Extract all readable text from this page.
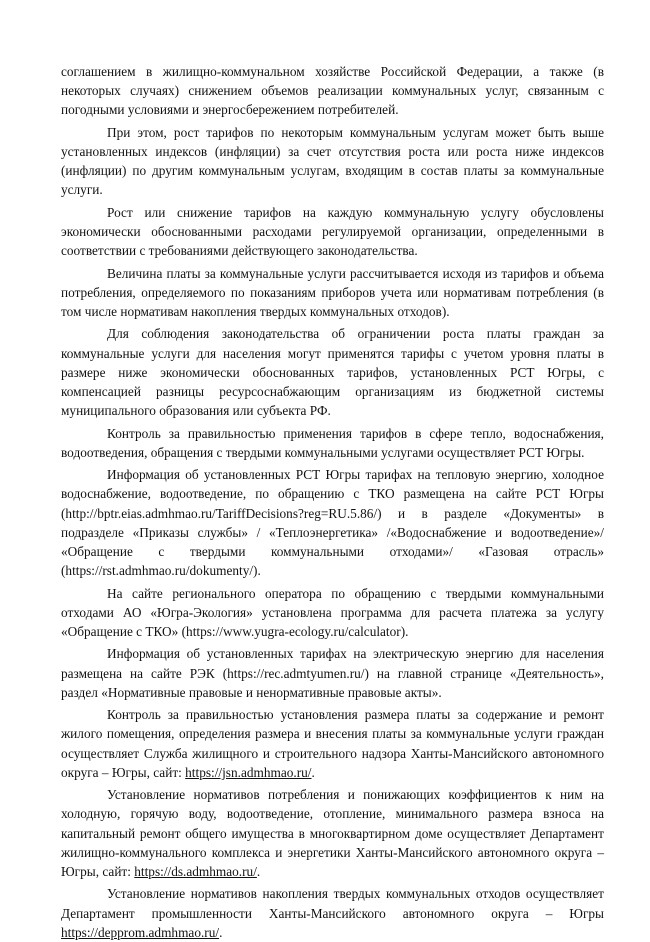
соглашением в жилищно-коммунальном хозяйстве Российской Федерации, а также (в некоторых случаях) снижением объемов реализации коммунальных услуг, связанным с погодными условиями и энергосбережением потребителей.

При этом, рост тарифов по некоторым коммунальным услугам может быть выше установленных индексов (инфляции) за счет отсутствия роста или роста ниже индексов (инфляции) по другим коммунальным услугам, входящим в состав платы за коммунальные услуги.

Рост или снижение тарифов на каждую коммунальную услугу обусловлены экономически обоснованными расходами регулируемой организации, определенными в соответствии с требованиями действующего законодательства.

Величина платы за коммунальные услуги рассчитывается исходя из тарифов и объема потребления, определяемого по показаниям приборов учета или нормативам потребления (в том числе нормативам накопления твердых коммунальных отходов).

Для соблюдения законодательства об ограничении роста платы граждан за коммунальные услуги для населения могут применятся тарифы с учетом уровня платы в размере ниже экономически обоснованных тарифов, установленных РСТ Югры, с компенсацией разницы ресурсоснабжающим организациям из бюджетной системы муниципального образования или субъекта РФ.

Контроль за правильностью применения тарифов в сфере тепло, водоснабжения, водоотведения, обращения с твердыми коммунальными услугами осуществляет РСТ Югры.

Информация об установленных РСТ Югры тарифах на тепловую энергию, холодное водоснабжение, водоотведение, по обращению с ТКО размещена на сайте РСТ Югры (http://bptr.eias.admhmao.ru/TariffDecisions?reg=RU.5.86/) и в разделе «Документы» в подразделе «Приказы службы» / «Теплоэнергетика» /«Водоснабжение и водоотведение»/ «Обращение с твердыми коммунальными отходами»/ «Газовая отрасль» (https://rst.admhmao.ru/dokumenty/).

На сайте регионального оператора по обращению с твердыми коммунальными отходами АО «Югра-Экология» установлена программа для расчета платежа за услугу «Обращение с ТКО» (https://www.yugra-ecology.ru/calculator).

Информация об установленных тарифах на электрическую энергию для населения размещена на сайте РЭК (https://rec.admtyumen.ru/) на главной странице «Деятельность», раздел «Нормативные правовые и ненормативные правовые акты».

Контроль за правильностью установления размера платы за содержание и ремонт жилого помещения, определения размера и внесения платы за коммунальные услуги граждан осуществляет Служба жилищного и строительного надзора Ханты-Мансийского автономного округа – Югры, сайт: https://jsn.admhmao.ru/.

Установление нормативов потребления и понижающих коэффициентов к ним на холодную, горячую воду, водоотведение, отопление, минимального размера взноса на капитальный ремонт общего имущества в многоквартирном доме осуществляет Департамент жилищно-коммунального комплекса и энергетики Ханты-Мансийского автономного округа – Югры, сайт: https://ds.admhmao.ru/.

Установление нормативов накопления твердых коммунальных отходов осуществляет Департамент промышленности Ханты-Мансийского автономного округа – Югры https://depprom.admhmao.ru/.
